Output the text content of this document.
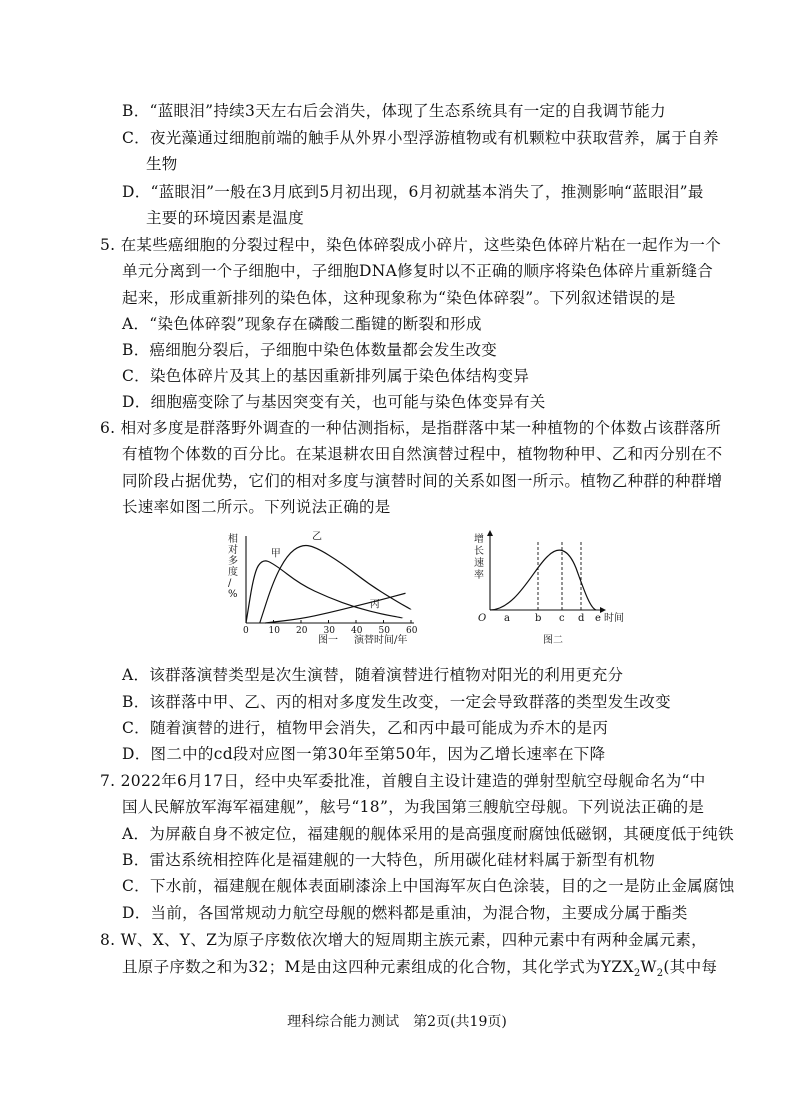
B．“蓝眼泪”持续3天左右后会消失，体现了生态系统具有一定的自我调节能力
C．夜光藻通过细胞前端的触手从外界小型浮游植物或有机颗粒中获取营养，属于自养
生物
D．“蓝眼泪”一般在3月底到5月初出现，6月初就基本消失了，推测影响“蓝眼泪”最
主要的环境因素是温度
5. 在某些癌细胞的分裂过程中，染色体碎裂成小碎片，这些染色体碎片粘在一起作为一个
单元分离到一个子细胞中，子细胞DNA修复时以不正确的顺序将染色体碎片重新缝合
起来，形成重新排列的染色体，这种现象称为“染色体碎裂”。下列叙述错误的是
A．“染色体碎裂”现象存在磷酸二酯键的断裂和形成
B．癌细胞分裂后，子细胞中染色体数量都会发生改变
C．染色体碎片及其上的基因重新排列属于染色体结构变异
D．细胞癌变除了与基因突变有关，也可能与染色体变异有关
6. 相对多度是群落野外调查的一种估测指标，是指群落中某一种植物的个体数占该群落所
有植物个体数的百分比。在某退耕农田自然演替过程中，植物物种甲、乙和丙分别在不
同阶段占据优势，它们的相对多度与演替时间的关系如图一所示。植物乙种群的种群增
长速率如图二所示。下列说法正确的是
相
对
多
度
/
%
0 10 20 30 40 50 60
甲
乙
丙
图一 演替时间/年
增
长
速
率
O a	b c d e 时间
图二
A．该群落演替类型是次生演替，随着演替进行植物对阳光的利用更充分
B．该群落中甲、乙、丙的相对多度发生改变，一定会导致群落的类型发生改变
C．随着演替的进行，植物甲会消失，乙和丙中最可能成为乔木的是丙
D．图二中的cd段对应图一第30年至第50年，因为乙增长速率在下降
7. 2022年6月17日，经中央军委批准，首艘自主设计建造的弹射型航空母舰命名为“中
国人民解放军海军福建舰”，舷号“18”，为我国第三艘航空母舰。下列说法正确的是
A．为屏蔽自身不被定位，福建舰的舰体采用的是高强度耐腐蚀低磁钢，其硬度低于纯铁
B．雷达系统相控阵化是福建舰的一大特色，所用碳化硅材料属于新型有机物
C．下水前，福建舰在舰体表面刷漆涂上中国海军灰白色涂装，目的之一是防止金属腐蚀
D．当前，各国常规动力航空母舰的燃料都是重油，为混合物，主要成分属于酯类
8. W、X、Y、Z为原子序数依次增大的短周期主族元素，四种元素中有两种金属元素，
且原子序数之和为32；M是由这四种元素组成的化合物，其化学式为$YZX_2W_2$(其中每
理科综合能力测试　第2页(共19页)
